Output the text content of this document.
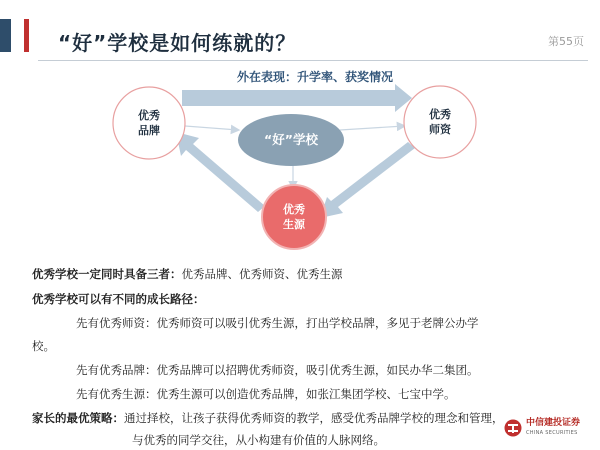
“好”学校是如何练就的？	第55页
外在表现：升学率、获奖情况
优秀
品牌
优秀
师资
“好”学校
优秀
生源
优秀学校一定同时具备三者：优秀品牌、优秀师资、优秀生源
优秀学校可以有不同的成长路径：
先有优秀师资：优秀师资可以吸引优秀生源，打出学校品牌，多见于老牌公办学
校。
先有优秀品牌：优秀品牌可以招聘优秀师资，吸引优秀生源，如民办华二集团。
先有优秀生源：优秀生源可以创造优秀品牌，如张江集团学校、七宝中学。
家长的最优策略：通过择校，让孩子获得优秀师资的教学，感受优秀品牌学校的理念和管理，
与优秀的同学交往，从小构建有价值的人脉网络。
中信建投证券
CHINA SECURITIES
